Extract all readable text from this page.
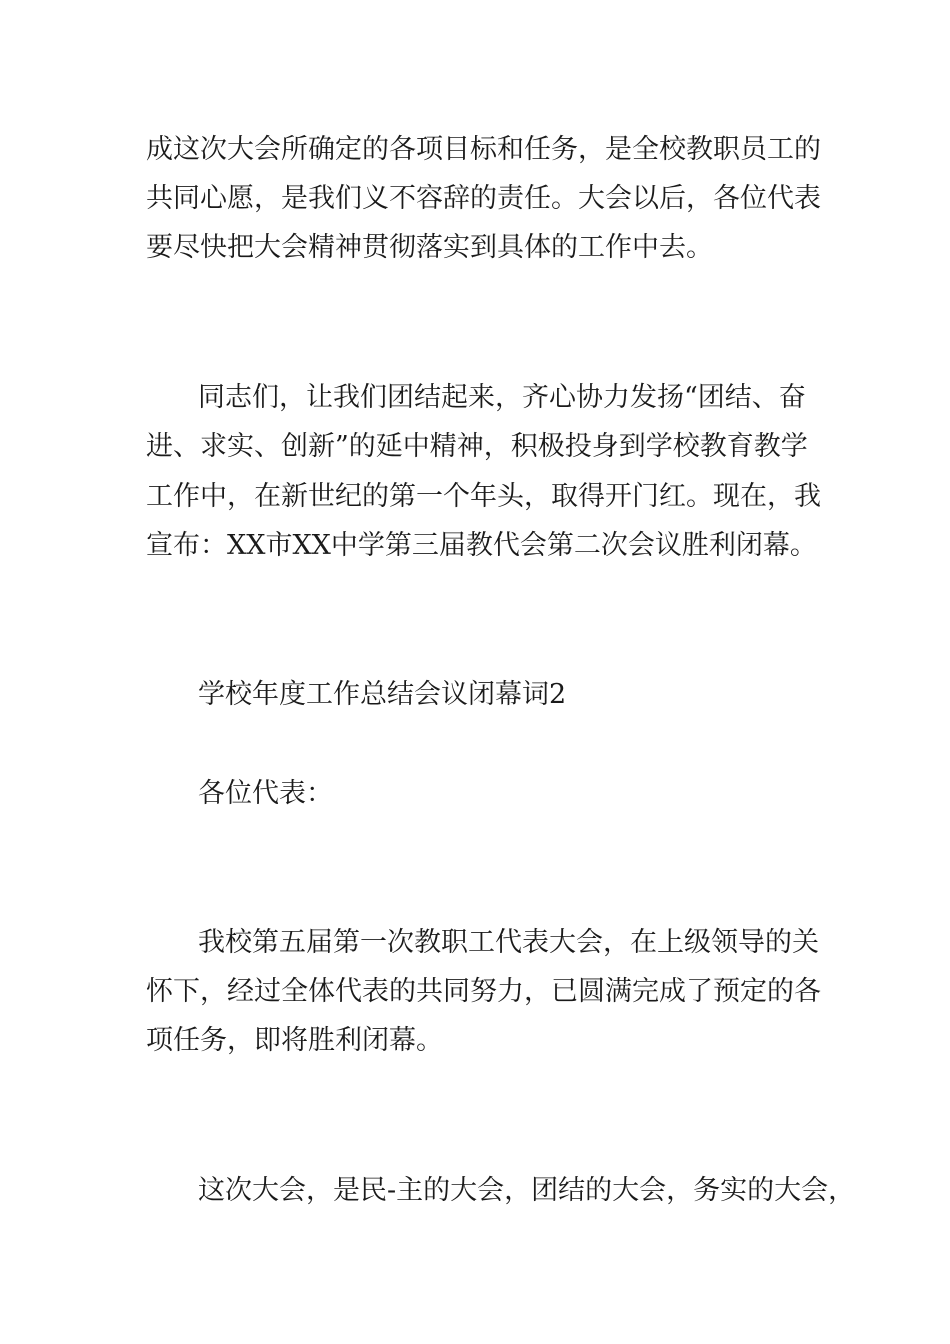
成这次大会所确定的各项目标和任务，是全校教职员工的
共同心愿，是我们义不容辞的责任。大会以后，各位代表
要尽快把大会精神贯彻落实到具体的工作中去。
同志们，让我们团结起来，齐心协力发扬“团结、奋
进、求实、创新”的延中精神，积极投身到学校教育教学
工作中，在新世纪的第一个年头，取得开门红。现在，我
宣布：XX市XX中学第三届教代会第二次会议胜利闭幕。
学校年度工作总结会议闭幕词2
各位代表：
我校第五届第一次教职工代表大会，在上级领导的关
怀下，经过全体代表的共同努力，已圆满完成了预定的各
项任务，即将胜利闭幕。
这次大会，是民-主的大会，团结的大会，务实的大会，
